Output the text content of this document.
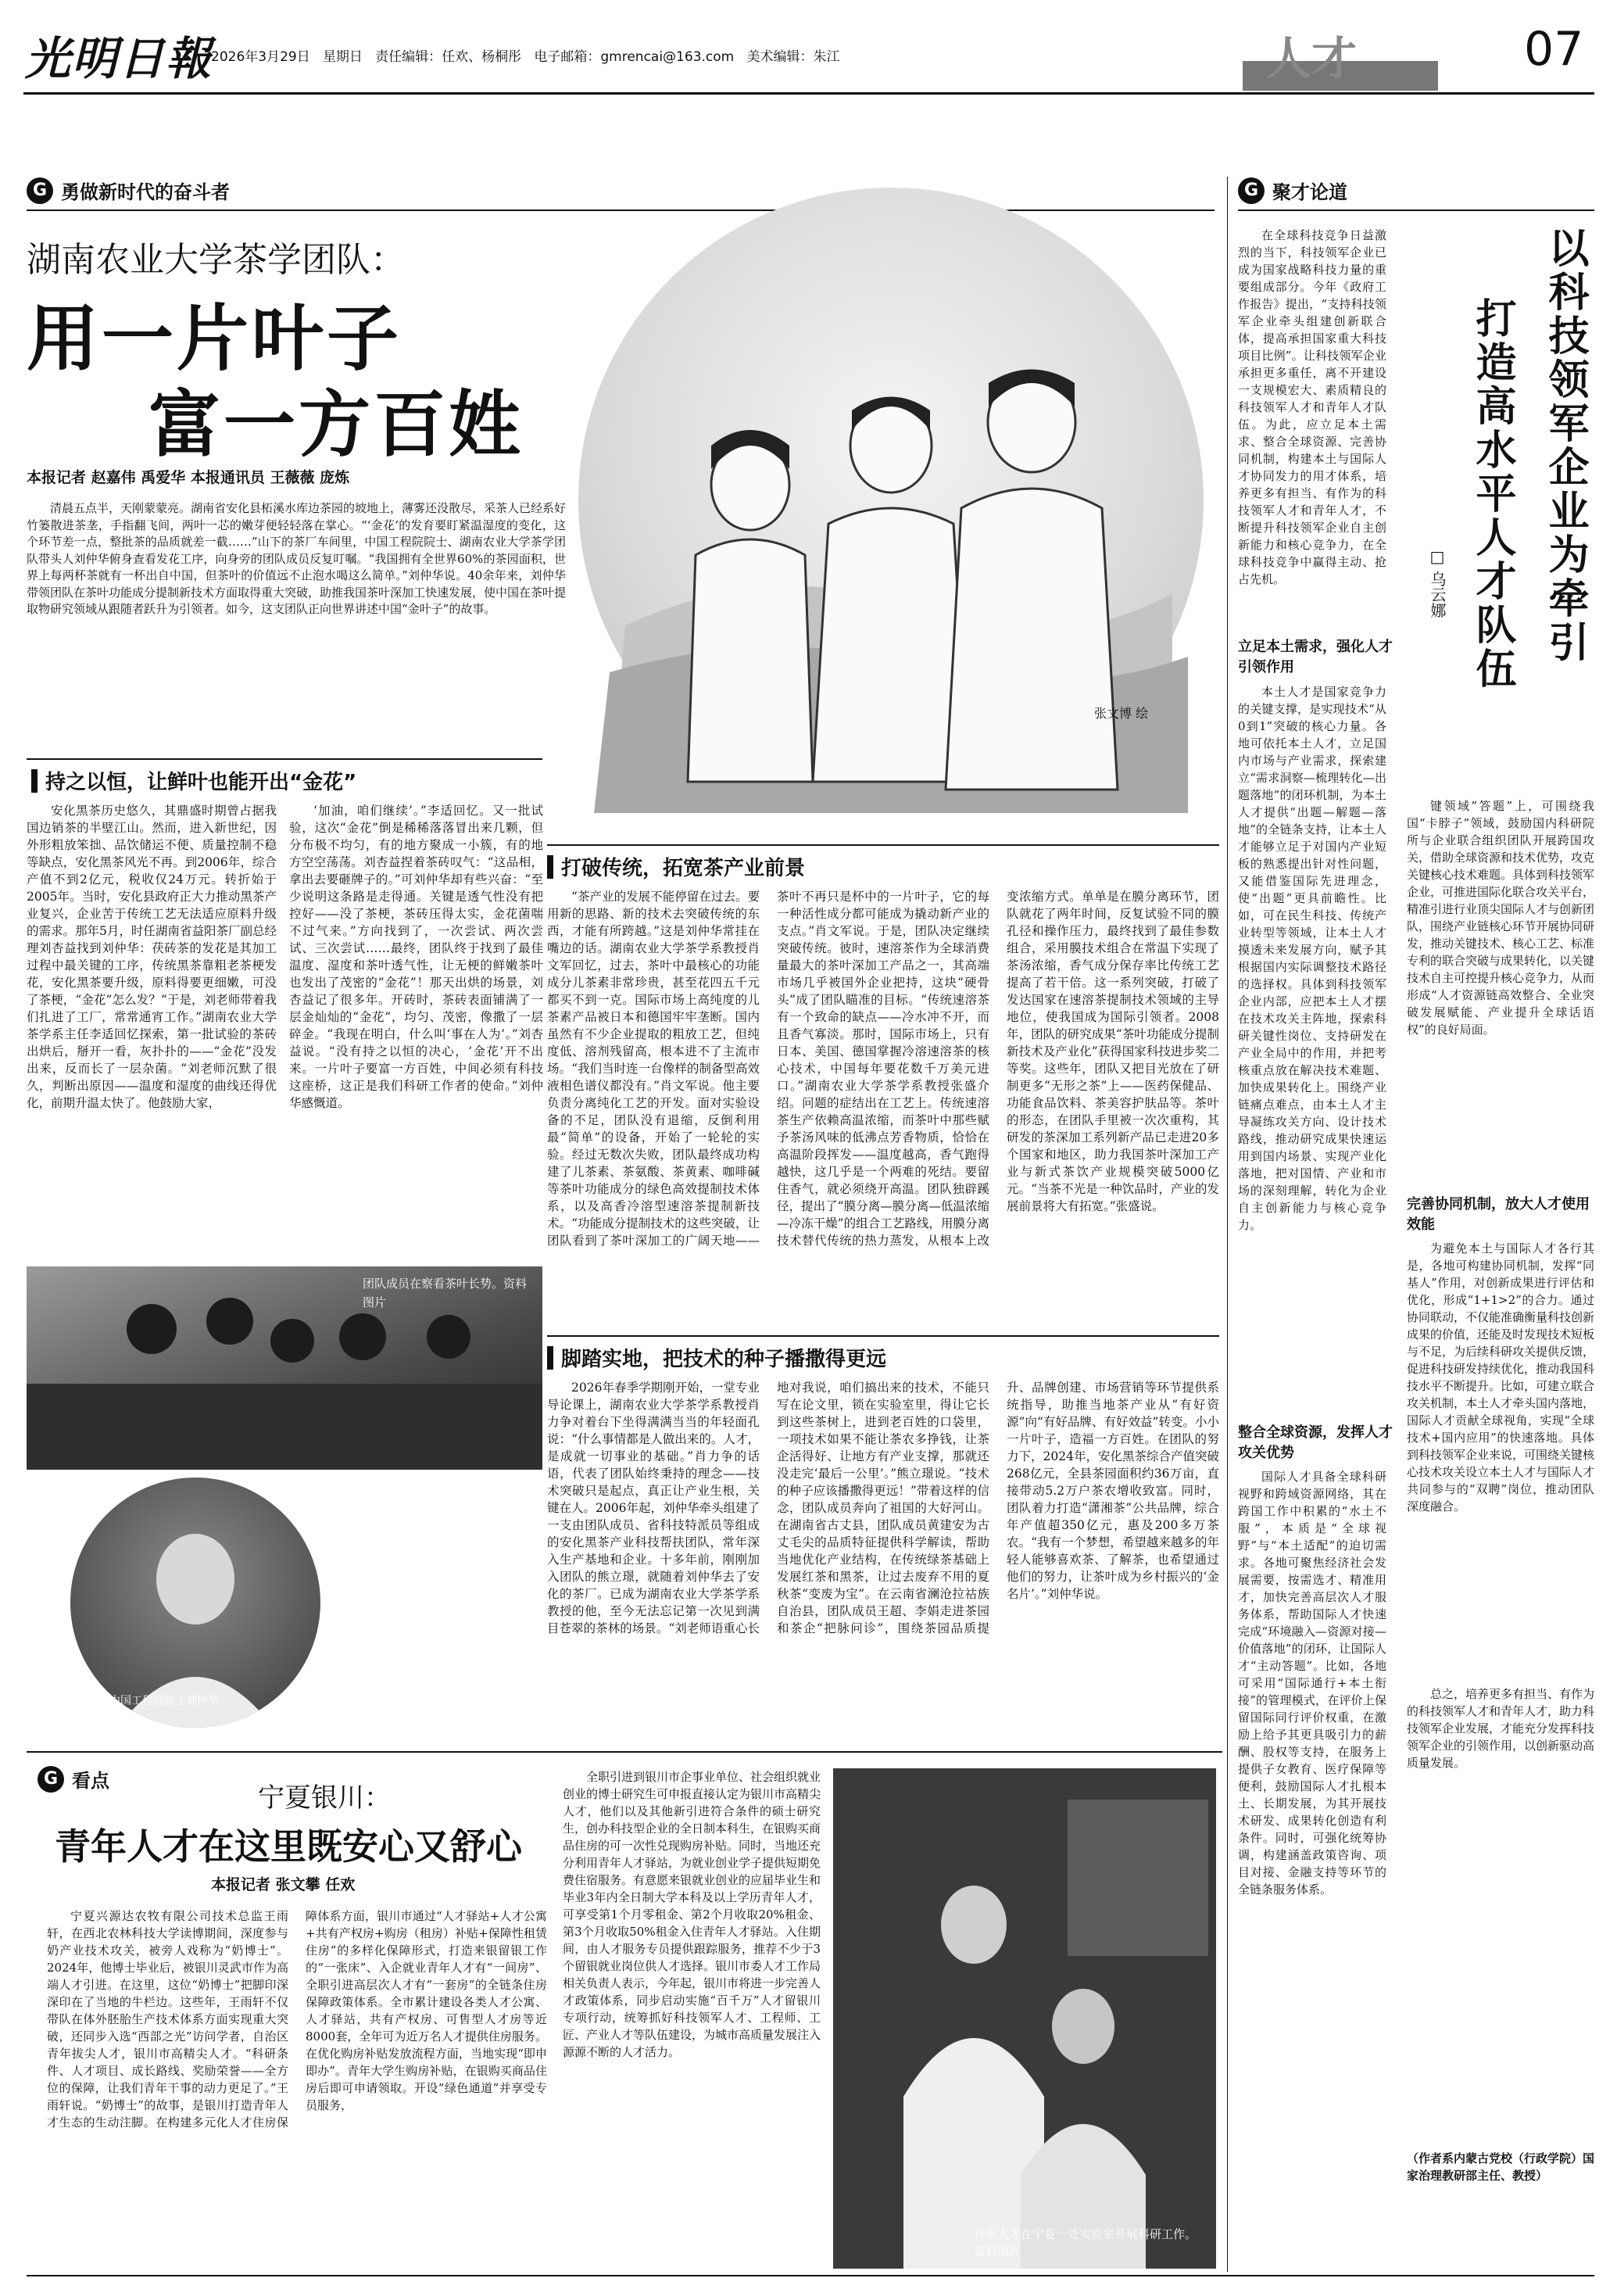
光明日報
2026年3月29日 星期日 责任编辑：任欢、杨桐彤 电子邮箱：gmrencai@163.com 美术编辑：朱江	人才	07
G 勇做新时代的奋斗者
湖南农业大学茶学团队：
用一片叶子
富一方百姓
本报记者 赵嘉伟 禹爱华 本报通讯员 王薇薇 庞炼
清晨五点半，天刚蒙蒙亮。湖南省安化县柘溪水库边茶园的坡地上，薄雾还没散尽，采茶人已经系好竹篓散进茶垄，手指翻飞间，两叶一芯的嫩芽便轻轻落在掌心。“‘金花’的发育要盯紧温湿度的变化，这个环节差一点，整批茶的品质就差一截……”山下的茶厂车间里，中国工程院院士、湖南农业大学茶学团队带头人刘仲华俯身查看发花工序，向身旁的团队成员反复叮嘱。“我国拥有全世界60%的茶园面积，世界上每两杯茶就有一杯出自中国，但茶叶的价值远不止泡水喝这么简单。”刘仲华说。40余年来，刘仲华带领团队在茶叶功能成分提制新技术方面取得重大突破，助推我国茶叶深加工快速发展，使中国在茶叶提取物研究领域从跟随者跃升为引领者。如今，这支团队正向世界讲述中国“金叶子”的故事。
张文博 绘
持之以恒，让鲜叶也能开出“金花”
安化黑茶历史悠久，其鼎盛时期曾占据我国边销茶的半壁江山。然而，进入新世纪，因外形粗放笨拙、品饮储运不便、质量控制不稳等缺点，安化黑茶风光不再。到2006年，综合产值不到2亿元，税收仅24万元。转折始于2005年。当时，安化县政府正大力推动黑茶产业复兴，企业苦于传统工艺无法适应原料升级的需求。那年5月，时任湖南省益阳茶厂副总经理刘杏益找到刘仲华：茯砖茶的发花是其加工过程中最关键的工序，传统黑茶靠粗老茶梗发花，安化黑茶要升级，原料得要更细嫩，可没了茶梗，“金花”怎么发？“于是，刘老师带着我们扎进了工厂，常常通宵工作。”湖南农业大学茶学系主任李适回忆探索，第一批试验的茶砖出烘后，掰开一看，灰扑扑的——“金花”没发出来，反而长了一层杂菌。“刘老师沉默了很久，判断出原因——温度和湿度的曲线还得优化，前期升温太快了。他鼓励大家，
‘加油，咱们继续’。”李适回忆。又一批试验，这次“金花”倒是稀稀落落冒出来几颗，但分布极不均匀，有的地方聚成一小簇，有的地方空空荡荡。刘杏益捏着茶砖叹气：“这品相，拿出去要砸牌子的。”可刘仲华却有些兴奋：“至少说明这条路是走得通。关键是透气性没有把控好——没了茶梗，茶砖压得太实，金花菌喘不过气来。”方向找到了，一次尝试、两次尝试、三次尝试……最终，团队终于找到了最佳温度、湿度和茶叶透气性，让无梗的鲜嫩茶叶也发出了茂密的“金花”！那天出烘的场景，刘杏益记了很多年。开砖时，茶砖表面铺满了一层金灿灿的“金花”，均匀、茂密，像撒了一层碎金。“我现在明白，什么叫‘事在人为’。”刘杏益说。“没有持之以恒的决心，‘金花’开不出来。一片叶子要富一方百姓，中间必须有科技这座桥，这正是我们科研工作者的使命。”刘仲华感慨道。
团队成员在察看茶叶长势。资料图片
中国工程院院士刘仲华
打破传统，拓宽茶产业前景
“茶产业的发展不能停留在过去。要用新的思路、新的技术去突破传统的东西，才能有所跨越。”这是刘仲华常挂在嘴边的话。湖南农业大学茶学系教授肖文军回忆，过去，茶叶中最核心的功能成分儿茶素非常珍贵，甚至花四五千元都买不到一克。国际市场上高纯度的儿茶素产品被日本和德国牢牢垄断。国内虽然有不少企业提取的粗放工艺，但纯度低、溶剂残留高，根本进不了主流市场。“我们当时连一台像样的制备型高效液相色谱仪都没有。”肖文军说。他主要负责分离纯化工艺的开发。面对实验设备的不足，团队没有退缩，反倒利用最“简单”的设备，开始了一轮轮的实验。经过无数次失败，团队最终成功构建了儿茶素、茶氨酸、茶黄素、咖啡碱等茶叶功能成分的绿色高效提制技术体系，以及高香冷溶型速溶茶提制新技术。“功能成分提制技术的这些突破，让团队看到了茶叶深加工的广阔天地——茶叶不再只是杯中的一片叶子，它的每一种活性成分都可能成为撬动新产业的支点。”肖文军说。于是，团队决定继续突破传统。彼时，速溶茶作为全球消费量最大的茶叶深加工产品之一，其高端市场几乎被国外企业把持，这块“硬骨头”成了团队瞄准的目标。“传统速溶茶有一个致命的缺点——冷水冲不开，而且香气寡淡。那时，国际市场上，只有日本、美国、德国掌握冷溶速溶茶的核心技术，中国每年要花数千万美元进口。”湖南农业大学茶学系教授张盛介绍。问题的症结出在工艺上。传统速溶茶生产依赖高温浓缩，而茶叶中那些赋予茶汤风味的低沸点芳香物质，恰恰在高温阶段挥发——温度越高，香气跑得越快，这几乎是一个两难的死结。要留住香气，就必须绕开高温。团队独辟蹊径，提出了“膜分离—膜分离—低温浓缩—冷冻干燥”的组合工艺路线，用膜分离技术替代传统的热力蒸发，从根本上改变浓缩方式。单单是在膜分离环节，团队就花了两年时间，反复试验不同的膜孔径和操作压力，最终找到了最佳参数组合，采用膜技术组合在常温下实现了茶汤浓缩，香气成分保存率比传统工艺提高了若干倍。这一系列突破，打破了发达国家在速溶茶提制技术领域的主导地位，使我国成为国际引领者。2008年，团队的研究成果“茶叶功能成分提制新技术及产业化”获得国家科技进步奖二等奖。这些年，团队又把目光放在了研制更多“无形之茶”上——医药保健品、功能食品饮料、茶美容护肤品等。茶叶的形态，在团队手里被一次次重构，其研发的茶深加工系列新产品已走进20多个国家和地区，助力我国茶叶深加工产业与新式茶饮产业规模突破5000亿元。“当茶不光是一种饮品时，产业的发展前景将大有拓宽。”张盛说。
脚踏实地，把技术的种子播撒得更远
2026年春季学期刚开始，一堂专业导论课上，湖南农业大学茶学系教授肖力争对着台下坐得满满当当的年轻面孔说：“什么事情都是人做出来的。人才，是成就一切事业的基础。”肖力争的话语，代表了团队始终秉持的理念——技术突破只是起点，真正让产业生根，关键在人。2006年起，刘仲华牵头组建了一支由团队成员、省科技特派员等组成的安化黑茶产业科技帮扶团队，常年深入生产基地和企业。十多年前，刚刚加入团队的熊立璟，就随着刘仲华去了安化的茶厂。已成为湖南农业大学茶学系教授的他，至今无法忘记第一次见到满目苍翠的茶林的场景。“刘老师语重心长地对我说，咱们搞出来的技术，不能只写在论文里，锁在实验室里，得让它长到这些茶树上，进到老百姓的口袋里，一项技术如果不能让茶农多挣钱，让茶企活得好、让地方有产业支撑，那就还没走完‘最后一公里’。”熊立璟说。“技术的种子应该播撒得更远！”带着这样的信念，团队成员奔向了祖国的大好河山。在湖南省古丈县，团队成员黄建安为古丈毛尖的品质特征提供科学解读，帮助当地优化产业结构，在传统绿茶基础上发展红茶和黑茶，让过去废弃不用的夏秋茶“变废为宝”。在云南省澜沧拉祜族自治县，团队成员王超、李娟走进茶园和茶企“把脉问诊”，围绕茶园品质提升、品牌创建、市场营销等环节提供系统指导，助推当地茶产业从“有好资源”向“有好品牌、有好效益”转变。小小一片叶子，造福一方百姓。在团队的努力下，2024年，安化黑茶综合产值突破268亿元，全县茶园面积约36万亩，直接带动5.2万户茶农增收致富。同时，团队着力打造“潇湘茶”公共品牌，综合年产值超350亿元，惠及200多万茶农。“我有一个梦想，希望越来越多的年轻人能够喜欢茶、了解茶，也希望通过他们的努力，让茶叶成为乡村振兴的‘金名片’。”刘仲华说。
G 聚才论道
在全球科技竞争日益激烈的当下，科技领军企业已成为国家战略科技力量的重要组成部分。今年《政府工作报告》提出，“支持科技领军企业牵头组建创新联合体，提高承担国家重大科技项目比例”。让科技领军企业承担更多重任，离不开建设一支规模宏大、素质精良的科技领军人才和青年人才队伍。为此，应立足本土需求、整合全球资源、完善协同机制，构建本土与国际人才协同发力的用才体系，培养更多有担当、有作为的科技领军人才和青年人才，不断提升科技领军企业自主创新能力和核心竞争力，在全球科技竞争中赢得主动、抢占先机。	以科技领军企业为牵引
打造高水平人才队伍
□ 乌云娜
立足本土需求，强化人才引领作用
本土人才是国家竞争力的关键支撑，是实现技术“从0到1”突破的核心力量。各地可依托本土人才，立足国内市场与产业需求，探索建立“需求洞察—梳理转化—出题落地”的闭环机制，为本土人才提供“出题—解题—落地”的全链条支持，让本土人才能够立足于对国内产业短板的熟悉提出针对性问题，又能借鉴国际先进理念，使“出题”更具前瞻性。比如，可在民生科技、传统产业转型等领域，让本土人才摸透未来发展方向，赋予其根据国内实际调整技术路径的选择权。具体到科技领军企业内部，应把本土人才摆在技术攻关主阵地，探索科研关键性岗位、支持研发在产业全局中的作用，并把考核重点放在解决技术难题、加快成果转化上。围绕产业链痛点难点，由本土人才主导凝练攻关方向、设计技术路线，推动研究成果快速运用到国内场景、实现产业化落地，把对国情、产业和市场的深刻理解，转化为企业自主创新能力与核心竞争力。
键领域”答题”上，可围绕我国“卡脖子”领域，鼓励国内科研院所与企业联合组织团队开展跨国攻关，借助全球资源和技术优势，攻克关键核心技术难题。具体到科技领军企业，可推进国际化联合攻关平台，精准引进行业顶尖国际人才与创新团队，围绕产业链核心环节开展协同研发，推动关键技术、核心工艺、标准专利的联合突破与成果转化，以关键技术自主可控提升核心竞争力，从而形成“人才资源链高效整合、全业突破发展赋能、产业提升全球话语权”的良好局面。
完善协同机制，放大人才使用效能
为避免本土与国际人才各行其是，各地可构建协同机制，发挥“同基人”作用，对创新成果进行评估和优化，形成“1+1>2”的合力。通过协同联动，不仅能准确衡量科技创新成果的价值，还能及时发现技术短板与不足，为后续科研攻关提供反馈，促进科技研发持续优化，推动我国科技水平不断提升。比如，可建立联合攻关机制，本土人才牵头国内落地，国际人才贡献全球视角，实现“全球技术+国内应用”的快速落地。具体到科技领军企业来说，可围绕关键核心技术攻关设立本土人才与国际人才共同参与的“双聘”岗位，推动团队深度融合。
整合全球资源，发挥人才攻关优势
国际人才具备全球科研视野和跨域资源网络，其在跨国工作中积累的“水土不服”，本质是“全球视野”与“本土适配”的迫切需求。各地可聚焦经济社会发展需要，按需选才、精准用才，加快完善高层次人才服务体系，帮助国际人才快速完成“环境融入—资源对接—价值落地”的闭环，让国际人才“主动答题”。比如，各地可采用“国际通行+本土衔接”的管理模式，在评价上保留国际同行评价权重，在激励上给予其更具吸引力的薪酬、股权等支持，在服务上提供子女教育、医疗保障等便利，鼓励国际人才扎根本土、长期发展，为其开展技术研发、成果转化创造有利条件。同时，可强化统筹协调，构建涵盖政策咨询、项目对接、金融支持等环节的全链条服务体系。
总之，培养更多有担当、有作为的科技领军人才和青年人才，助力科技领军企业发展，才能充分发挥科技领军企业的引领作用，以创新驱动高质量发展。
（作者系内蒙古党校（行政学院）国家治理教研部主任、教授）
G 看点
宁夏银川：
青年人才在这里既安心又舒心
本报记者 张文攀 任欢
宁夏兴源达农牧有限公司技术总监王雨轩，在西北农林科技大学读博期间，深度参与奶产业技术攻关，被旁人戏称为“奶博士”。2024年，他博士毕业后，被银川灵武市作为高端人才引进。在这里，这位“奶博士”把脚印深深印在了当地的牛栏边。这些年，王雨轩不仅带队在体外胚胎生产技术体系方面实现重大突破，还同步入选“西部之光”访问学者，自治区青年拔尖人才，银川市高精尖人才。“科研条件、人才项目、成长路线、奖励荣誉——全方位的保障，让我们青年干事的动力更足了。”王雨轩说。“奶博士”的故事，是银川打造青年人才生态的生动注脚。在构建多元化人才住房保障体系方面，银川市通过“人才驿站+人才公寓+共有产权房+购房（租房）补贴+保障性租赁住房”的多样化保障形式，打造来银留银工作的“一张床”、入企就业青年人才有“一间房”、全职引进高层次人才有“一套房”的全链条住房保障政策体系。全市累计建设各类人才公寓、人才驿站，共有产权房、可售型人才房等近8000套，全年可为近万名人才提供住房服务。在优化购房补贴发放流程方面，当地实现“即申即办”。青年大学生购房补贴，在银购买商品住房后即可申请领取。开设“绿色通道”并享受专员服务，
全职引进到银川市企事业单位、社会组织就业创业的博士研究生可申报直接认定为银川市高精尖人才，他们以及其他新引进符合条件的硕士研究生，创办科技型企业的全日制本科生，在银购买商品住房的可一次性兑现购房补贴。同时，当地还充分利用青年人才驿站，为就业创业学子提供短期免费住宿服务。有意愿来银就业创业的应届毕业生和毕业3年内全日制大学本科及以上学历青年人才，可享受第1个月零租金、第2个月收取20%租金、第3个月收取50%租金入住青年人才驿站。入住期间，由人才服务专员提供跟踪服务，推荐不少于3个留银就业岗位供人才选择。银川市委人才工作局相关负责人表示，今年起，银川市将进一步完善人才政策体系，同步启动实施“百千万”人才留银川专项行动，统筹抓好科技领军人才、工程师、工匠、产业人才等队伍建设，为城市高质量发展注入源源不断的人才活力。
青年人才在宁夏一处实验室开展科研工作。资料图片
